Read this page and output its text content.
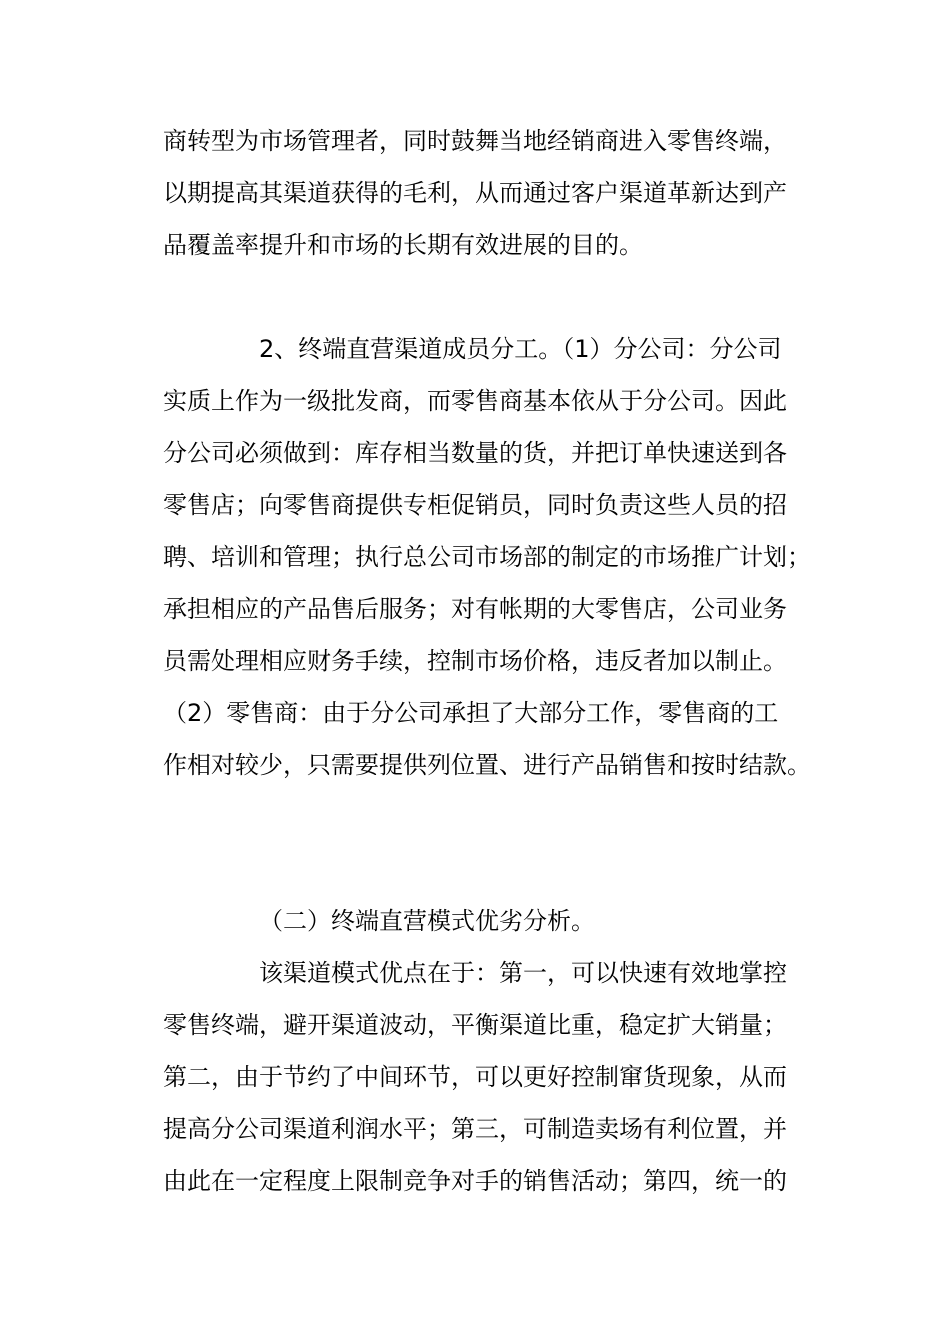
商转型为市场管理者，同时鼓舞当地经销商进入零售终端，
以期提高其渠道获得的毛利，从而通过客户渠道革新达到产
品覆盖率提升和市场的长期有效进展的目的。
2、终端直营渠道成员分工。（1）分公司：分公司
实质上作为一级批发商，而零售商基本依从于分公司。因此
分公司必须做到：库存相当数量的货，并把订单快速送到各
零售店；向零售商提供专柜促销员，同时负责这些人员的招
聘、培训和管理；执行总公司市场部的制定的市场推广计划；
承担相应的产品售后服务；对有帐期的大零售店，公司业务
员需处理相应财务手续，控制市场价格，违反者加以制止。
（2）零售商：由于分公司承担了大部分工作，零售商的工
作相对较少，只需要提供列位置、进行产品销售和按时结款。
（二）终端直营模式优劣分析。
该渠道模式优点在于：第一，可以快速有效地掌控
零售终端，避开渠道波动，平衡渠道比重，稳定扩大销量；
第二，由于节约了中间环节，可以更好控制窜货现象，从而
提高分公司渠道利润水平；第三，可制造卖场有利位置，并
由此在一定程度上限制竞争对手的销售活动；第四，统一的
